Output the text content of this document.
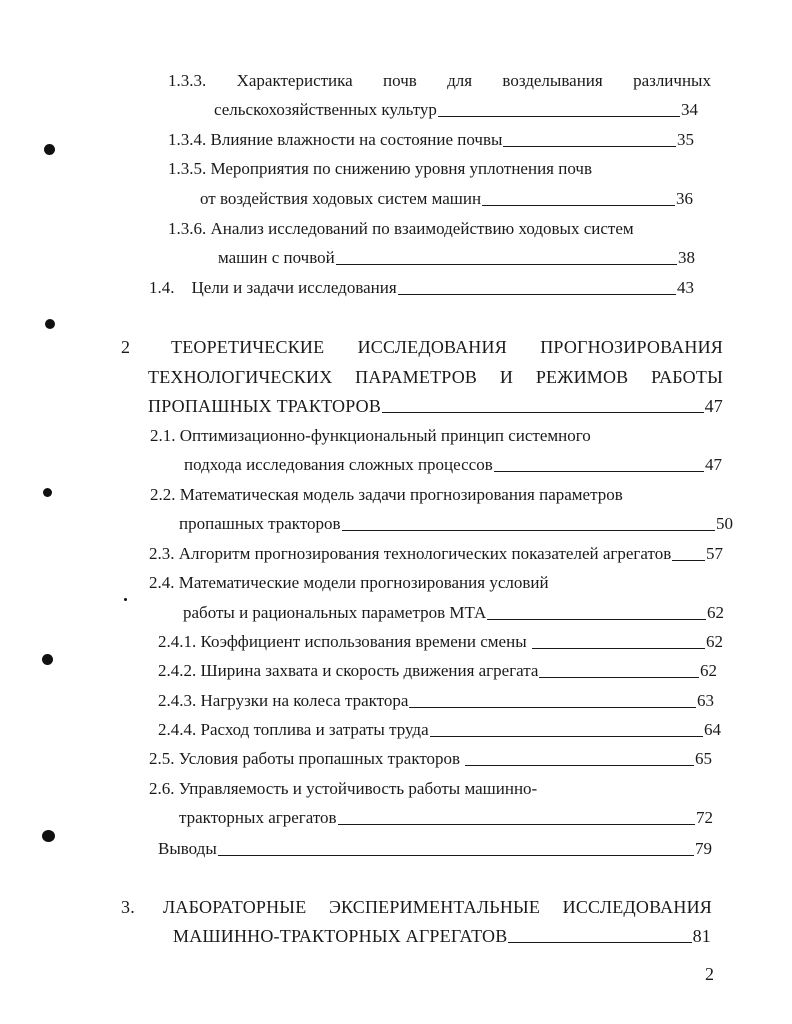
1.3.3. Характеристика почв для возделывания различных
сельскохозяйственных культур	34
1.3.4. Влияние влажности на состояние почвы	35
1.3.5. Мероприятия по снижению уровня уплотнения почв
от воздействия ходовых систем машин	36
1.3.6. Анализ исследований по взаимодействию ходовых систем
машин с почвой	38
1.4.    Цели и задачи исследования	43
2 ТЕОРЕТИЧЕСКИЕ ИССЛЕДОВАНИЯ ПРОГНОЗИРОВАНИЯ
ТЕХНОЛОГИЧЕСКИХ ПАРАМЕТРОВ И РЕЖИМОВ РАБОТЫ
ПРОПАШНЫХ ТРАКТОРОВ	47
2.1. Оптимизационно-функциональный принцип системного
подхода исследования сложных процессов	47
2.2. Математическая модель задачи прогнозирования параметров
пропашных тракторов	50
2.3. Алгоритм прогнозирования технологических показателей агрегатов 57
2.4. Математические модели прогнозирования условий
работы и рациональных параметров МТА	62
2.4.1. Коэффициент использования времени смены	62
2.4.2. Ширина захвата и скорость движения агрегата	62
2.4.3. Нагрузки на колеса трактора	63
2.4.4. Расход топлива и затраты труда	64
2.5. Условия работы пропашных тракторов	65
2.6. Управляемость и устойчивость работы машинно-
тракторных агрегатов	72
Выводы	79
3. ЛАБОРАТОРНЫЕ ЭКСПЕРИМЕНТАЛЬНЫЕ ИССЛЕДОВАНИЯ
МАШИННО-ТРАКТОРНЫХ АГРЕГАТОВ	81
2
